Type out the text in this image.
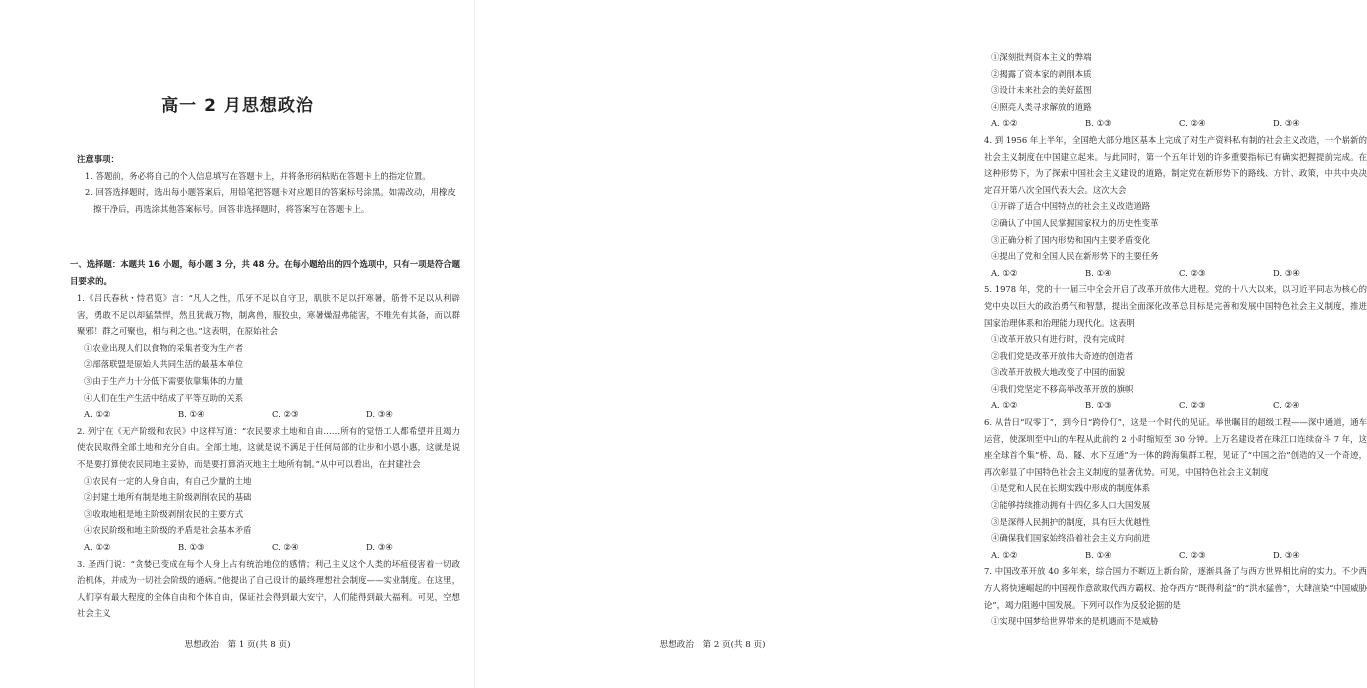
高一 2 月思想政治
注意事项：
1. 答题前，务必将自己的个人信息填写在答题卡上，并将条形码粘贴在答题卡上的指定位置。
2. 回答选择题时，选出每小题答案后，用铅笔把答题卡对应题目的答案标号涂黑。如需改动，用橡皮擦干净后，再选涂其他答案标号。回答非选择题时，将答案写在答题卡上。
一、选择题：本题共 16 小题，每小题 3 分，共 48 分。在每小题给出的四个选项中，只有一项是符合题目要求的。
1.《吕氏春秋・恃君览》言：“凡人之性，爪牙不足以自守卫，肌肤不足以扞寒暑，筋骨不足以从利辟害，勇敢不足以却猛禁悍，然且犹裁万物，制禽兽，服狡虫，寒暑燥湿弗能害，不唯先有其备，而以群聚邪！群之可聚也，相与利之也。”这表明，在原始社会
①农业出现人们以食物的采集者变为生产者
②部落联盟是原始人共同生活的最基本单位
③由于生产力十分低下需要依靠集体的力量
④人们在生产生活中结成了平等互助的关系
A. ①②	B. ①④	C. ②③	D. ③④
2. 列宁在《无产阶级和农民》中这样写道：“农民要求土地和自由……所有的觉悟工人都希望并且竭力使农民取得全部土地和充分自由。全部土地，这就是说不满足于任何局部的让步和小恩小惠，这就是说不是要打算使农民同地主妥协，而是要打算消灭地主土地所有制。”从中可以看出，在封建社会
①农民有一定的人身自由，有自己少量的土地
②封建土地所有制是地主阶级剥削农民的基础
③收取地租是地主阶级剥削农民的主要方式
④农民阶级和地主阶级的矛盾是社会基本矛盾
A. ①②	B. ①③	C. ②④	D. ③④
3. 圣西门说：“贪婪已变成在每个人身上占有统治地位的感情；利己主义这个人类的坏疽侵害着一切政治机体，并成为一切社会阶级的通病。”他提出了自己设计的最终理想社会制度——实业制度。在这里，人们享有最大程度的全体自由和个体自由，保证社会得到最大安宁，人们能得到最大福利。可见，空想社会主义
思想政治　第 1 页(共 8 页)
①深刻批判资本主义的弊端
②揭露了资本家的剥削本质
③设计未来社会的美好蓝图
④照亮人类寻求解放的道路
A. ①②	B. ①③	C. ②④	D. ③④
4. 到 1956 年上半年，全国绝大部分地区基本上完成了对生产资料私有制的社会主义改造，一个崭新的社会主义制度在中国建立起来。与此同时，第一个五年计划的许多重要指标已有确实把握提前完成。在这种形势下，为了探索中国社会主义建设的道路，制定党在新形势下的路线、方针、政策，中共中央决定召开第八次全国代表大会。这次大会
①开辟了适合中国特点的社会主义改造道路
②确认了中国人民掌握国家权力的历史性变革
③正确分析了国内形势和国内主要矛盾变化
④提出了党和全国人民在新形势下的主要任务
A. ①②	B. ①④	C. ②③	D. ③④
5. 1978 年，党的十一届三中全会开启了改革开放伟大进程。党的十八大以来，以习近平同志为核心的党中央以巨大的政治勇气和智慧，提出全面深化改革总目标是完善和发展中国特色社会主义制度，推进国家治理体系和治理能力现代化。这表明
①改革开放只有进行时，没有完成时
②我们党是改革开放伟大奇迹的创造者
③改革开放极大地改变了中国的面貌
④我们党坚定不移高举改革开放的旗帜
A. ①②	B. ①③	C. ②③	C. ②④
6. 从昔日“叹零丁”，到今日“跨伶仃”，这是一个时代的见证。举世瞩目的超级工程——深中通道，通车运营，使深圳至中山的车程从此前约 2 小时缩短至 30 分钟。上万名建设者在珠江口连续奋斗 7 年，这座全球首个集“桥、岛、隧、水下互通”为一体的跨海集群工程，见证了“中国之治”创造的又一个奇迹，再次彰显了中国特色社会主义制度的显著优势。可见，中国特色社会主义制度
①是党和人民在长期实践中形成的制度体系
②能够持续推动拥有十四亿多人口大国发展
③是深得人民拥护的制度，具有巨大优越性
④确保我们国家始终沿着社会主义方向前进
A. ①②	B. ①④	C. ②③	D. ③④
7. 中国改革开放 40 多年来，综合国力不断迈上新台阶，逐渐具备了与西方世界相比肩的实力。不少西方人将快速崛起的中国视作意欲取代西方霸权、抢夺西方“既得利益”的“洪水猛兽”，大肆渲染“中国威胁论”，竭力阻遏中国发展。下列可以作为反驳论据的是
①实现中国梦给世界带来的是机遇而不是威胁
思想政治　第 2 页(共 8 页)
